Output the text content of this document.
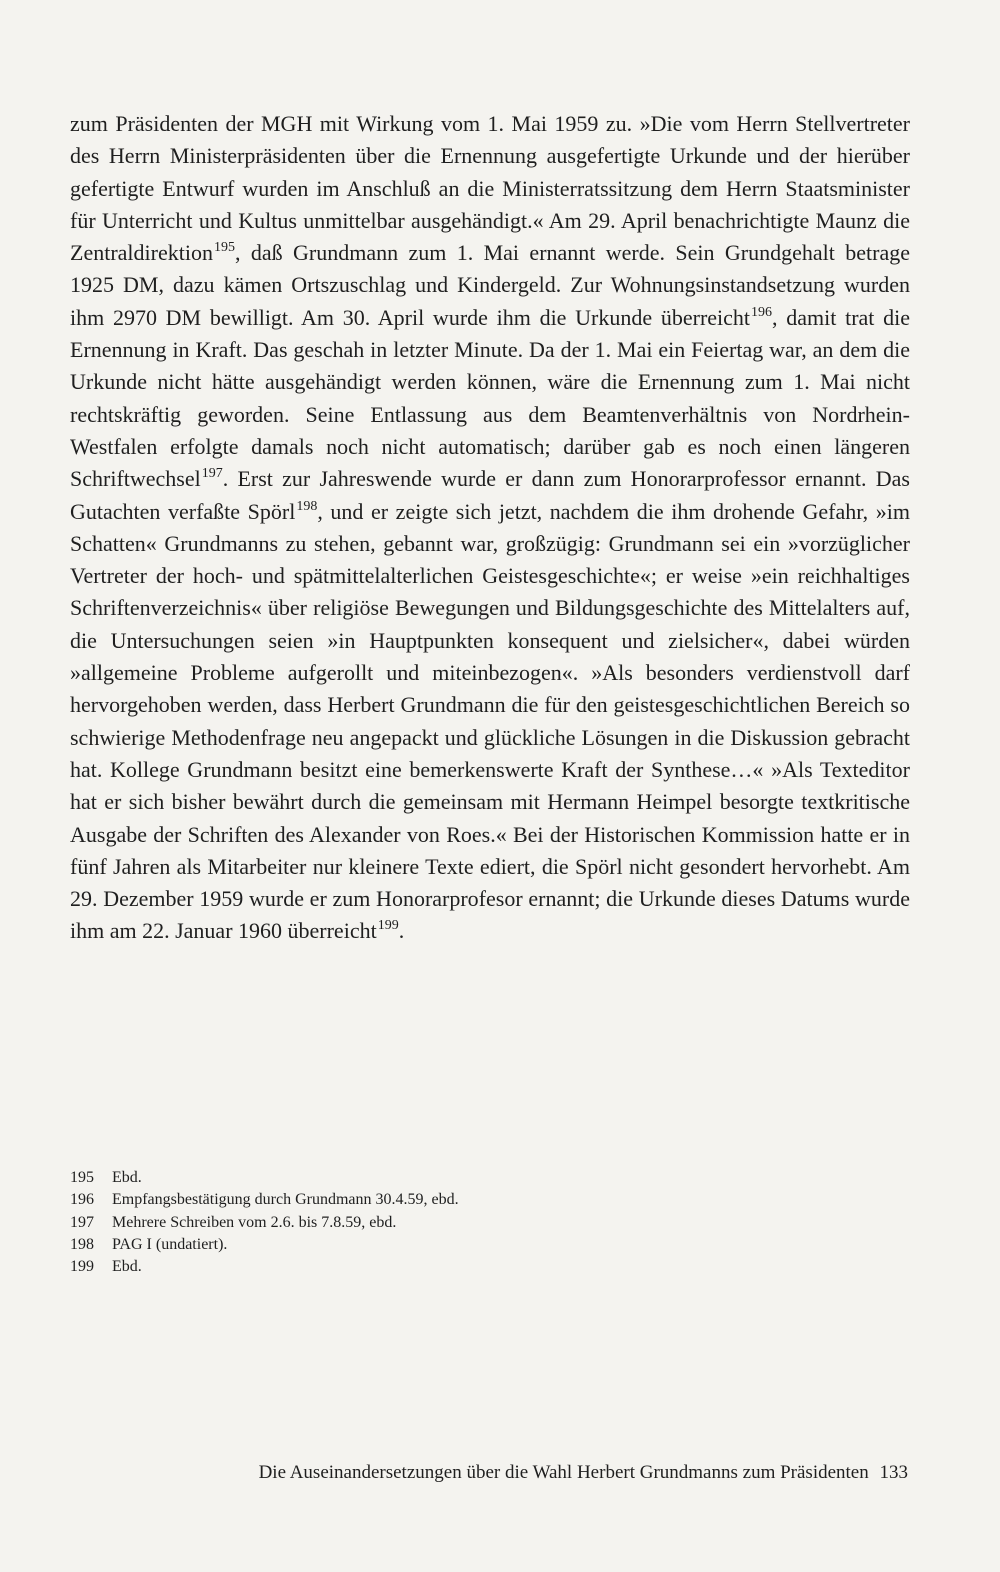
zum Präsidenten der MGH mit Wirkung vom 1. Mai 1959 zu. »Die vom Herrn Stellvertreter des Herrn Ministerpräsidenten über die Ernennung ausgefertigte Urkunde und der hierüber gefertigte Entwurf wurden im Anschluß an die Ministerratssitzung dem Herrn Staatsminister für Unterricht und Kultus unmittelbar ausgehändigt.« Am 29. April benachrichtigte Maunz die Zentraldirektion$^{195}$, daß Grundmann zum 1. Mai ernannt werde. Sein Grundgehalt betrage 1925 DM, dazu kämen Ortszuschlag und Kindergeld. Zur Wohnungsinstandsetzung wurden ihm 2970 DM bewilligt. Am 30. April wurde ihm die Urkunde überreicht$^{196}$, damit trat die Ernennung in Kraft. Das geschah in letzter Minute. Da der 1. Mai ein Feiertag war, an dem die Urkunde nicht hätte ausgehändigt werden können, wäre die Ernennung zum 1. Mai nicht rechtskräftig geworden. Seine Entlassung aus dem Beamtenverhältnis von Nordrhein-Westfalen erfolgte damals noch nicht automatisch; darüber gab es noch einen längeren Schriftwechsel$^{197}$. Erst zur Jahreswende wurde er dann zum Honorarprofessor ernannt. Das Gutachten verfaßte Spörl$^{198}$, und er zeigte sich jetzt, nachdem die ihm drohende Gefahr, »im Schatten« Grundmanns zu stehen, gebannt war, großzügig: Grundmann sei ein »vorzüglicher Vertreter der hoch- und spätmittelalterlichen Geistesgeschichte«; er weise »ein reichhaltiges Schriftenverzeichnis« über religiöse Bewegungen und Bildungsgeschichte des Mittelalters auf, die Untersuchungen seien »in Hauptpunkten konsequent und zielsicher«, dabei würden »allgemeine Probleme aufgerollt und miteinbezogen«. »Als besonders verdienstvoll darf hervorgehoben werden, dass Herbert Grundmann die für den geistesgeschichtlichen Bereich so schwierige Methodenfrage neu angepackt und glückliche Lösungen in die Diskussion gebracht hat. Kollege Grundmann besitzt eine bemerkenswerte Kraft der Synthese…« »Als Texteditor hat er sich bisher bewährt durch die gemeinsam mit Hermann Heimpel besorgte textkritische Ausgabe der Schriften des Alexander von Roes.« Bei der Historischen Kommission hatte er in fünf Jahren als Mitarbeiter nur kleinere Texte ediert, die Spörl nicht gesondert hervorhebt. Am 29. Dezember 1959 wurde er zum Honorarprofesor ernannt; die Urkunde dieses Datums wurde ihm am 22. Januar 1960 überreicht$^{199}$.

195	Ebd.
196	Empfangsbestätigung durch Grundmann 30.4.59, ebd.
197	Mehrere Schreiben vom 2.6. bis 7.8.59, ebd.
198	PAG I (undatiert).
199	Ebd.
Die Auseinandersetzungen über die Wahl Herbert Grundmanns zum Präsidenten 133
